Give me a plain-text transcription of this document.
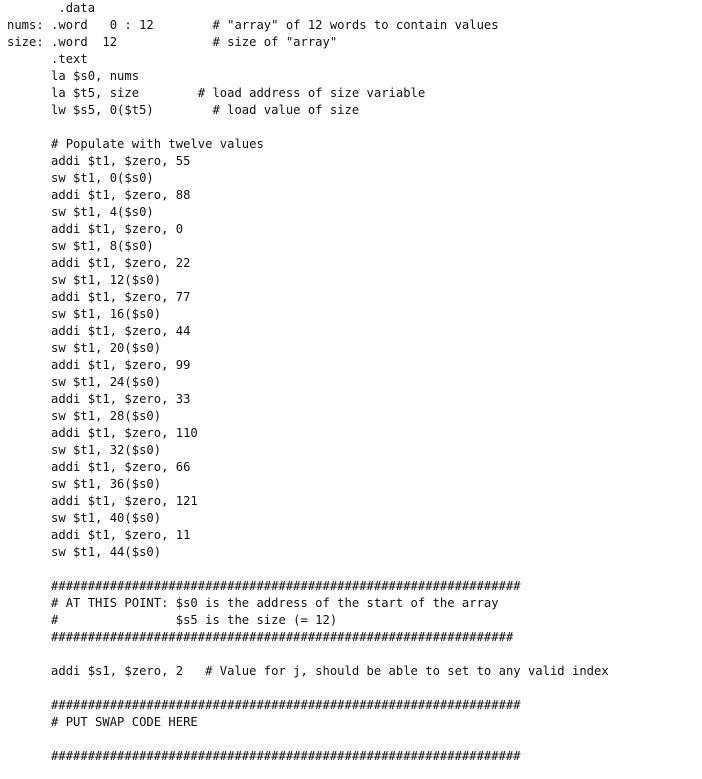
.data
nums: .word   0 : 12        # "array" of 12 words to contain values
size: .word  12             # size of "array"
.text
la $s0, nums
la $t5, size        # load address of size variable
lw $s5, 0($t5)        # load value of size
# Populate with twelve values
addi $t1, $zero, 55
sw $t1, 0($s0)
addi $t1, $zero, 88
sw $t1, 4($s0)
addi $t1, $zero, 0
sw $t1, 8($s0)
addi $t1, $zero, 22
sw $t1, 12($s0)
addi $t1, $zero, 77
sw $t1, 16($s0)
addi $t1, $zero, 44
sw $t1, 20($s0)
addi $t1, $zero, 99
sw $t1, 24($s0)
addi $t1, $zero, 33
sw $t1, 28($s0)
addi $t1, $zero, 110
sw $t1, 32($s0)
addi $t1, $zero, 66
sw $t1, 36($s0)
addi $t1, $zero, 121
sw $t1, 40($s0)
addi $t1, $zero, 11
sw $t1, 44($s0)
################################################################
# AT THIS POINT: $s0 is the address of the start of the array
#                $s5 is the size (= 12)
###############################################################
addi $s1, $zero, 2   # Value for j, should be able to set to any valid index
################################################################
# PUT SWAP CODE HERE
################################################################
